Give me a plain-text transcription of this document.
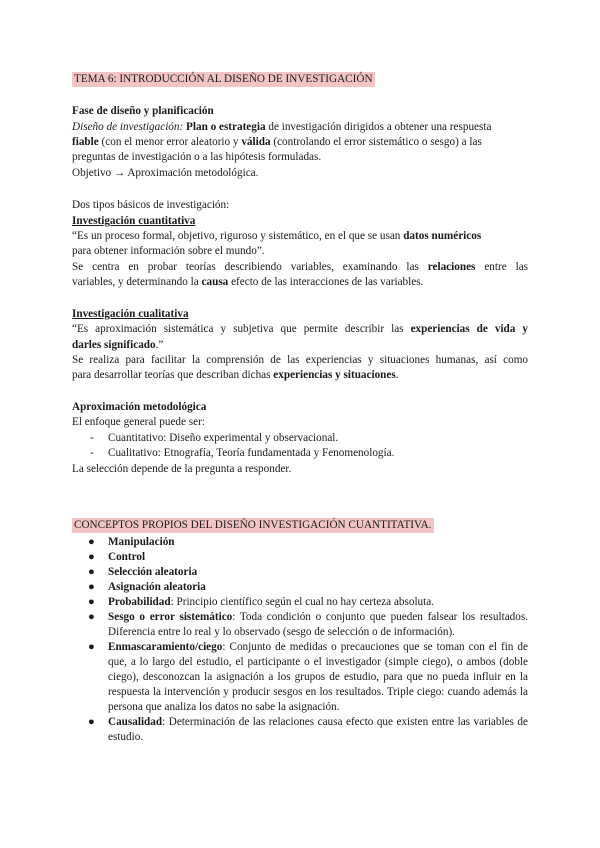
TEMA 6: INTRODUCCIÓN AL DISEÑO DE INVESTIGACIÓN
Fase de diseño y planificación
Diseño de investigación: Plan o estrategia de investigación dirigidos a obtener una respuesta
fiable (con el menor error aleatorio y válida (controlando el error sistemático o sesgo) a las
preguntas de investigación o a las hipótesis formuladas.
Objetivo → Aproximación metodológica.
Dos tipos básicos de investigación:
Investigación cuantitativa
“Es un proceso formal, objetivo, riguroso y sistemático, en el que se usan datos numéricos
para obtener información sobre el mundo”.
Se centra en probar teorías describiendo variables, examinando las relaciones entre las
variables, y determinando la causa efecto de las interacciones de las variables.
Investigación cualitativa
“Es aproximación sistemática y subjetiva que permite describir las experiencias de vida y
darles significado.”
Se realiza para facilitar la comprensión de las experiencias y situaciones humanas, así como
para desarrollar teorías que describan dichas experiencias y situaciones.
Aproximación metodológica
El enfoque general puede ser:
- Cuantitativo: Diseño experimental y observacional.
- Cualitativo: Etnografía, Teoría fundamentada y Fenomenología.
La selección depende de la pregunta a responder.
CONCEPTOS PROPIOS DEL DISEÑO INVESTIGACIÓN CUANTITATIVA.
● Manipulación
● Control
● Selección aleatoria
● Asignación aleatoria
● Probabilidad: Principio científico según el cual no hay certeza absoluta.
● Sesgo o error sistemático: Toda condición o conjunto que pueden falsear los resultados. Diferencia entre lo real y lo observado (sesgo de selección o de información).
● Enmascaramiento/ciego: Conjunto de medidas o precauciones que se toman con el fin de que, a lo largo del estudio, el participante o el investigador (simple ciego), o ambos (doble ciego), desconozcan la asignación a los grupos de estudio, para que no pueda influir en la respuesta la intervención y producir sesgos en los resultados. Triple ciego: cuando además la persona que analiza los datos no sabe la asignación.
● Causalidad: Determinación de las relaciones causa efecto que existen entre las variables de estudio.
